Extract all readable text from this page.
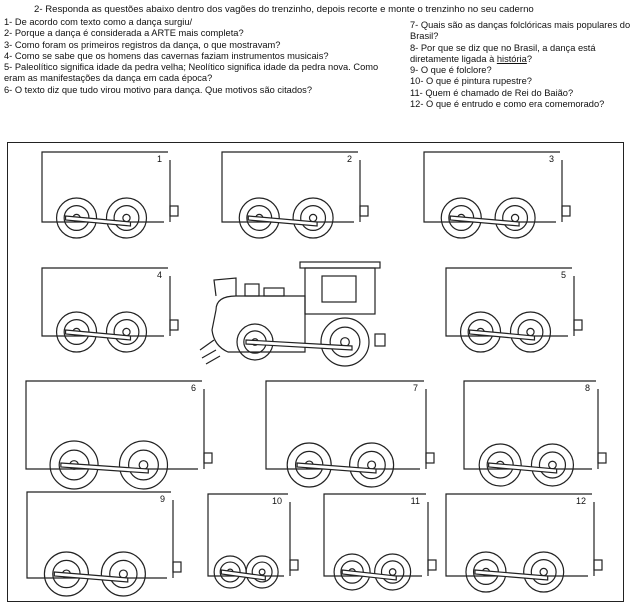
2- Responda as questões abaixo dentro dos vagões do trenzinho, depois recorte e monte o trenzinho no seu caderno
1- De acordo com texto como a dança surgiu/
2- Porque a dança é considerada a ARTE mais completa?
3- Como foram os primeiros registros da dança, o que mostravam?
4- Como se sabe que os homens das cavernas faziam instrumentos musicais?
5- Paleolítico significa idade da pedra velha; Neolítico significa idade da pedra nova. Como eram as manifestações da dança em cada época?
6- O texto diz que tudo virou motivo para dança. Que motivos são citados?
7- Quais são as danças folclóricas mais populares do Brasil?
8- Por que se diz que no Brasil, a dança está diretamente ligada à história?
9- O que é folclore?
10- O que é pintura rupestre?
11- Quem é chamado de Rei do Baião?
12- O que é entrudo e como era comemorado?
1	2	3
4	5
6	7	8
9	10	11	12
